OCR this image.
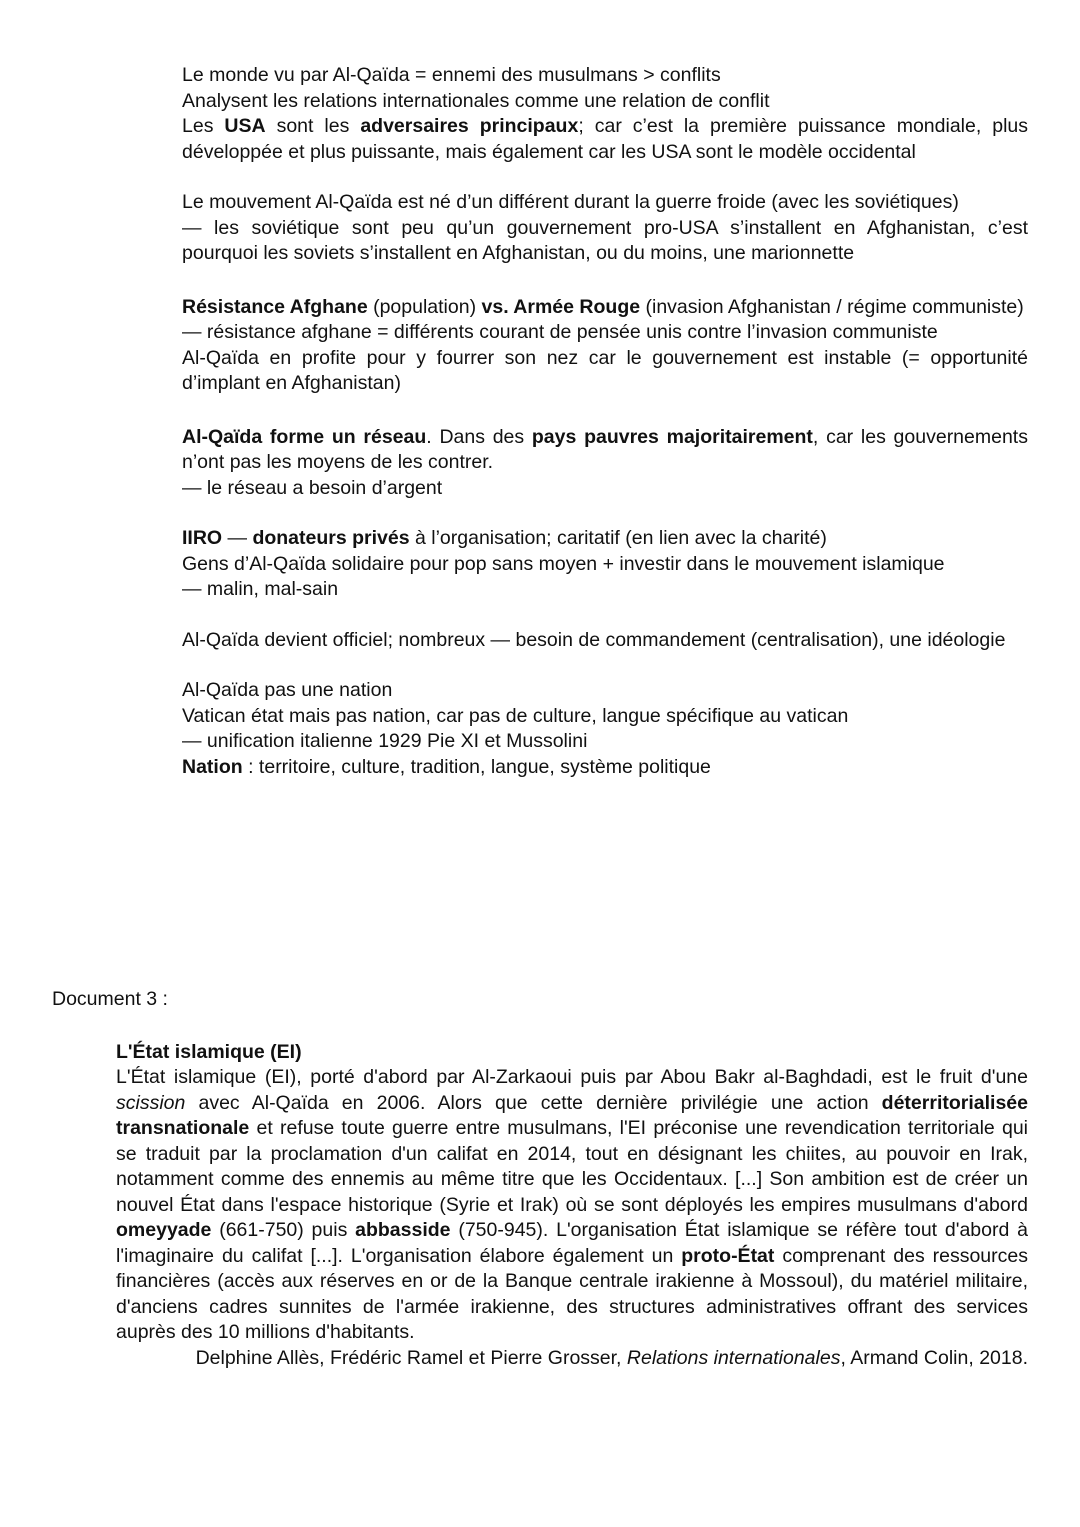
Le monde vu par Al-Qaïda = ennemi des musulmans > conflits

Analysent les relations internationales comme une relation de conflit

Les USA sont les adversaires principaux; car c’est la première puissance mondiale, plus développée et plus puissante, mais également car les USA sont le modèle occidental

Le mouvement Al-Qaïda est né d’un différent durant la guerre froide (avec les soviétiques)

— les soviétique sont peu qu’un gouvernement pro-USA s’installent en Afghanistan, c’est pourquoi les soviets s’installent en Afghanistan, ou du moins, une marionnette

Résistance Afghane (population) vs. Armée Rouge (invasion Afghanistan / régime communiste)

— résistance afghane = différents courant de pensée unis contre l’invasion communiste

Al-Qaïda en profite pour y fourrer son nez car le gouvernement est instable (= opportunité d’implant en Afghanistan)

Al-Qaïda forme un réseau. Dans des pays pauvres majoritairement, car les gouvernements n’ont pas les moyens de les contrer.

— le réseau a besoin d’argent

IIRO — donateurs privés à l’organisation; caritatif (en lien avec la charité)

Gens d’Al-Qaïda solidaire pour pop sans moyen + investir dans le mouvement islamique

— malin, mal-sain

Al-Qaïda devient officiel; nombreux — besoin de commandement (centralisation), une idéologie

Al-Qaïda pas une nation

Vatican état mais pas nation, car pas de culture, langue spécifique au vatican

— unification italienne 1929 Pie XI et Mussolini

Nation : territoire, culture, tradition, langue, système politique

Document 3 :

L'État islamique (EI)

L'État islamique (EI), porté d'abord par Al-Zarkaoui puis par Abou Bakr al-Baghdadi, est le fruit d'une scission avec Al-Qaïda en 2006. Alors que cette dernière privilégie une action déterritorialisée transnationale et refuse toute guerre entre musulmans, l'EI préconise une revendication territoriale qui se traduit par la proclamation d'un califat en 2014, tout en désignant les chiites, au pouvoir en Irak, notamment comme des ennemis au même titre que les Occidentaux. [...] Son ambition est de créer un nouvel État dans l'espace historique (Syrie et Irak) où se sont déployés les empires musulmans d'abord omeyyade (661-750) puis abbasside (750-945). L'organisation État islamique se réfère tout d'abord à l'imaginaire du califat [...]. L'organisation élabore également un proto-État comprenant des ressources financières (accès aux réserves en or de la Banque centrale irakienne à Mossoul), du matériel militaire, d'anciens cadres sunnites de l'armée irakienne, des structures administratives offrant des services auprès des 10 millions d'habitants.

Delphine Allès, Frédéric Ramel et Pierre Grosser, Relations internationales, Armand Colin, 2018.
